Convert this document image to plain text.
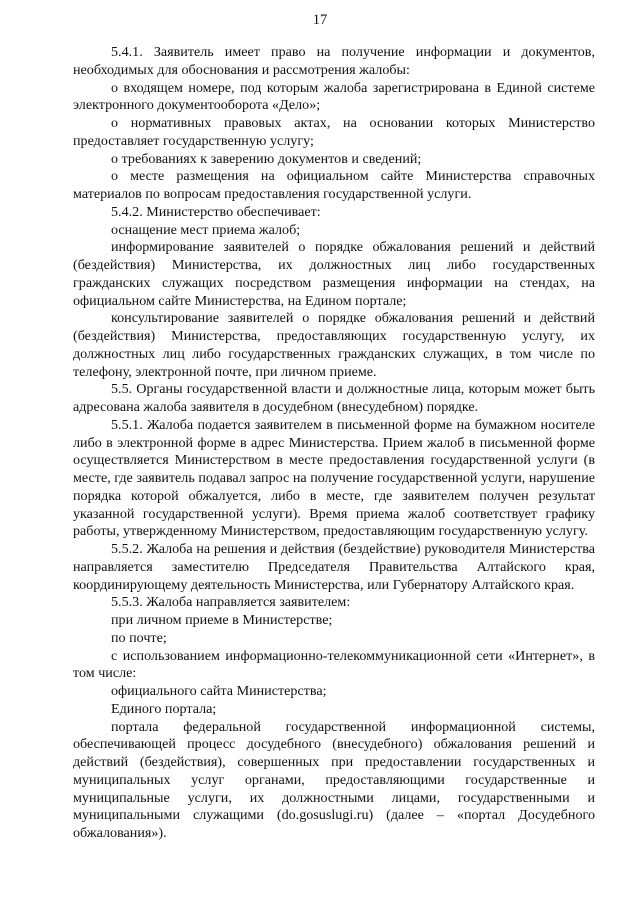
17

5.4.1. Заявитель имеет право на получение информации и документов, необходимых для обоснования и рассмотрения жалобы:

о входящем номере, под которым жалоба зарегистрирована в Единой системе электронного документооборота «Дело»;

о нормативных правовых актах, на основании которых Министерство предоставляет государственную услугу;

о требованиях к заверению документов и сведений;

о месте размещения на официальном сайте Министерства справочных материалов по вопросам предоставления государственной услуги.

5.4.2. Министерство обеспечивает:

оснащение мест приема жалоб;

информирование заявителей о порядке обжалования решений и действий (бездействия) Министерства, их должностных лиц либо государственных гражданских служащих посредством размещения информации на стендах, на официальном сайте Министерства, на Едином портале;

консультирование заявителей о порядке обжалования решений и действий (бездействия) Министерства, предоставляющих государственную услугу, их должностных лиц либо государственных гражданских служащих, в том числе по телефону, электронной почте, при личном приеме.

5.5. Органы государственной власти и должностные лица, которым может быть адресована жалоба заявителя в досудебном (внесудебном) порядке.

5.5.1. Жалоба подается заявителем в письменной форме на бумажном носителе либо в электронной форме в адрес Министерства. Прием жалоб в письменной форме осуществляется Министерством в месте предоставления государственной услуги (в месте, где заявитель подавал запрос на получение государственной услуги, нарушение порядка которой обжалуется, либо в месте, где заявителем получен результат указанной государственной услуги). Время приема жалоб соответствует графику работы, утвержденному Министерством, предоставляющим государственную услугу.

5.5.2. Жалоба на решения и действия (бездействие) руководителя Министерства направляется заместителю Председателя Правительства Алтайского края, координирующему деятельность Министерства, или Губернатору Алтайского края.

5.5.3. Жалоба направляется заявителем:

при личном приеме в Министерстве;

по почте;

с использованием информационно-телекоммуникационной сети «Интернет», в том числе:

официального сайта Министерства;

Единого портала;

портала федеральной государственной информационной системы, обеспечивающей процесс досудебного (внесудебного) обжалования решений и действий (бездействия), совершенных при предоставлении государственных и муниципальных услуг органами, предоставляющими государственные и муниципальные услуги, их должностными лицами, государственными и муниципальными служащими (do.gosuslugi.ru) (далее – «портал Досудебного обжалования»).
